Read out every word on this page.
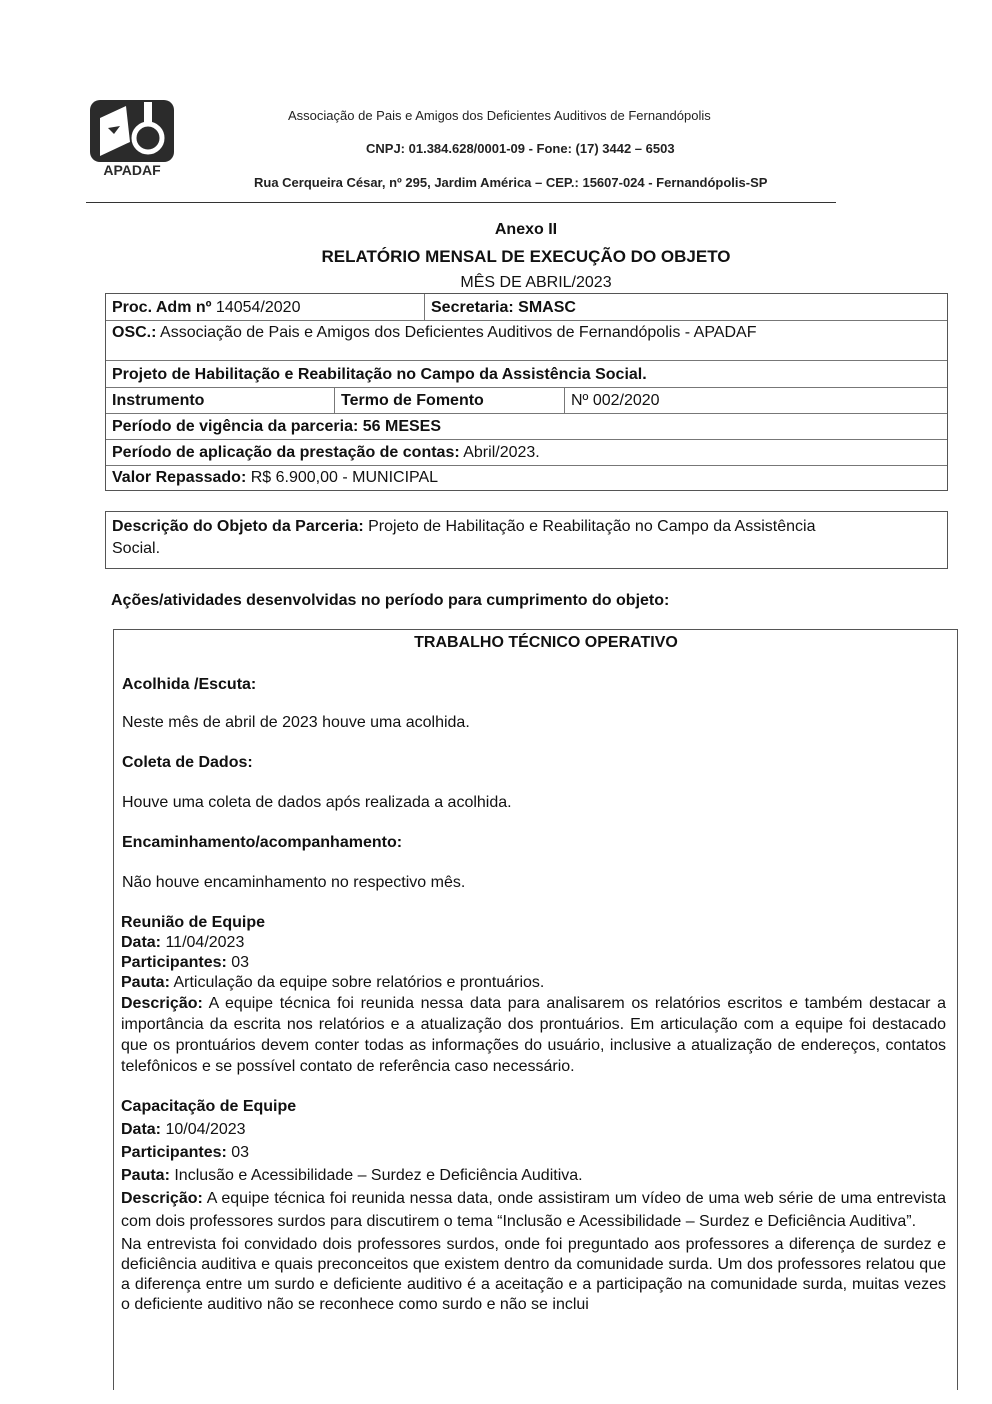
APADAF
Associação de Pais e Amigos dos Deficientes Auditivos de Fernandópolis
CNPJ: 01.384.628/0001-09 - Fone: (17) 3442 – 6503
Rua Cerqueira César, nº 295, Jardim América – CEP.: 15607-024 - Fernandópolis-SP
Anexo II
RELATÓRIO MENSAL DE EXECUÇÃO DO OBJETO
MÊS DE ABRIL/2023
Proc. Adm nº 14054/2020	Secretaria: SMASC
OSC.: Associação de Pais e Amigos dos Deficientes Auditivos de Fernandópolis - APADAF
Projeto de Habilitação e Reabilitação no Campo da Assistência Social.
Instrumento	Termo de Fomento	Nº 002/2020
Período de vigência da parceria: 56 MESES
Período de aplicação da prestação de contas: Abril/2023.
Valor Repassado: R$ 6.900,00 - MUNICIPAL
Descrição do Objeto da Parceria: Projeto de Habilitação e Reabilitação no Campo da Assistência
Social.
Ações/atividades desenvolvidas no período para cumprimento do objeto:
TRABALHO TÉCNICO OPERATIVO
Acolhida /Escuta:
Neste mês de abril de 2023 houve uma acolhida.
Coleta de Dados:
Houve uma coleta de dados após realizada a acolhida.
Encaminhamento/acompanhamento:
Não houve encaminhamento no respectivo mês.
Reunião de Equipe
Data: 11/04/2023
Participantes: 03
Pauta: Articulação da equipe sobre relatórios e prontuários.
Descrição: A equipe técnica foi reunida nessa data para analisarem os relatórios escritos e também destacar a importância da escrita nos relatórios e a atualização dos prontuários. Em articulação com a equipe foi destacado que os prontuários devem conter todas as informações do usuário, inclusive a atualização de endereços, contatos telefônicos e se possível contato de referência caso necessário.
Capacitação de Equipe
Data: 10/04/2023
Participantes: 03
Pauta: Inclusão e Acessibilidade – Surdez e Deficiência Auditiva.
Descrição: A equipe técnica foi reunida nessa data, onde assistiram um vídeo de uma web série de uma entrevista com dois professores surdos para discutirem o tema “Inclusão e Acessibilidade – Surdez e Deficiência Auditiva”.
Na entrevista foi convidado dois professores surdos, onde foi preguntado aos professores a diferença de surdez e deficiência auditiva e quais preconceitos que existem dentro da comunidade surda. Um dos professores relatou que a diferença entre um surdo e deficiente auditivo é a aceitação e a participação na comunidade surda, muitas vezes o deficiente auditivo não se reconhece como surdo e não se inclui
